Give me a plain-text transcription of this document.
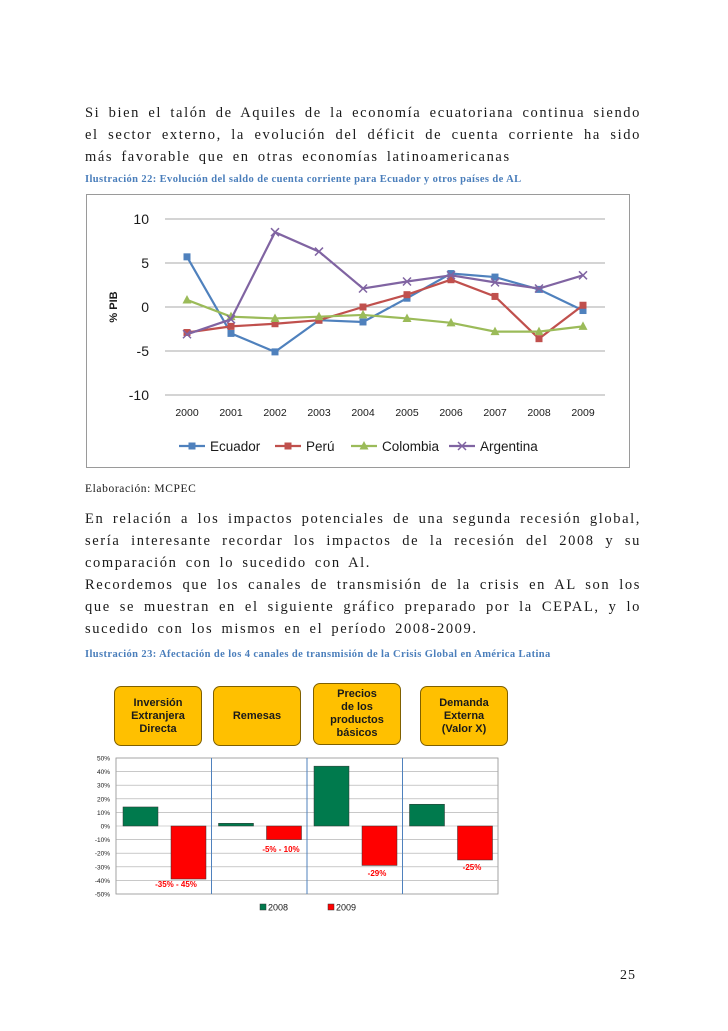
Si bien el talón de Aquiles de la economía ecuatoriana continua siendo el sector externo, la evolución del déficit de cuenta corriente ha sido más favorable que en otras economías latinoamericanas

Ilustración 22: Evolución del saldo de cuenta corriente para Ecuador y otros países de AL

-10
-5
0
5
10
% PIB
2000 2001 2002 2003 2004 2005 2006 2007 2008 2009
Ecuador	Perú	Colombia	Argentina

Elaboración: MCPEC

En relación a los impactos potenciales de una segunda recesión global, sería interesante recordar los impactos de la recesión del 2008 y su comparación con lo sucedido con Al.

Recordemos que los canales de transmisión de la crisis en AL son los que se muestran en el siguiente gráfico preparado por la CEPAL, y lo sucedido con los mismos en el período 2008-2009.

Ilustración 23: Afectación de los 4 canales de transmisión de la Crisis Global en América Latina

Inversión
Extranjera
Directa
Remesas
Precios
de los
productos
básicos
Demanda
Externa
(Valor X)
50%
40%
30%
20%
10%
0%
-10%
-20%
-30%
-40%
-50%
-35% - 45%
-5% - 10%
-29%
-25%
2008	2009
25
